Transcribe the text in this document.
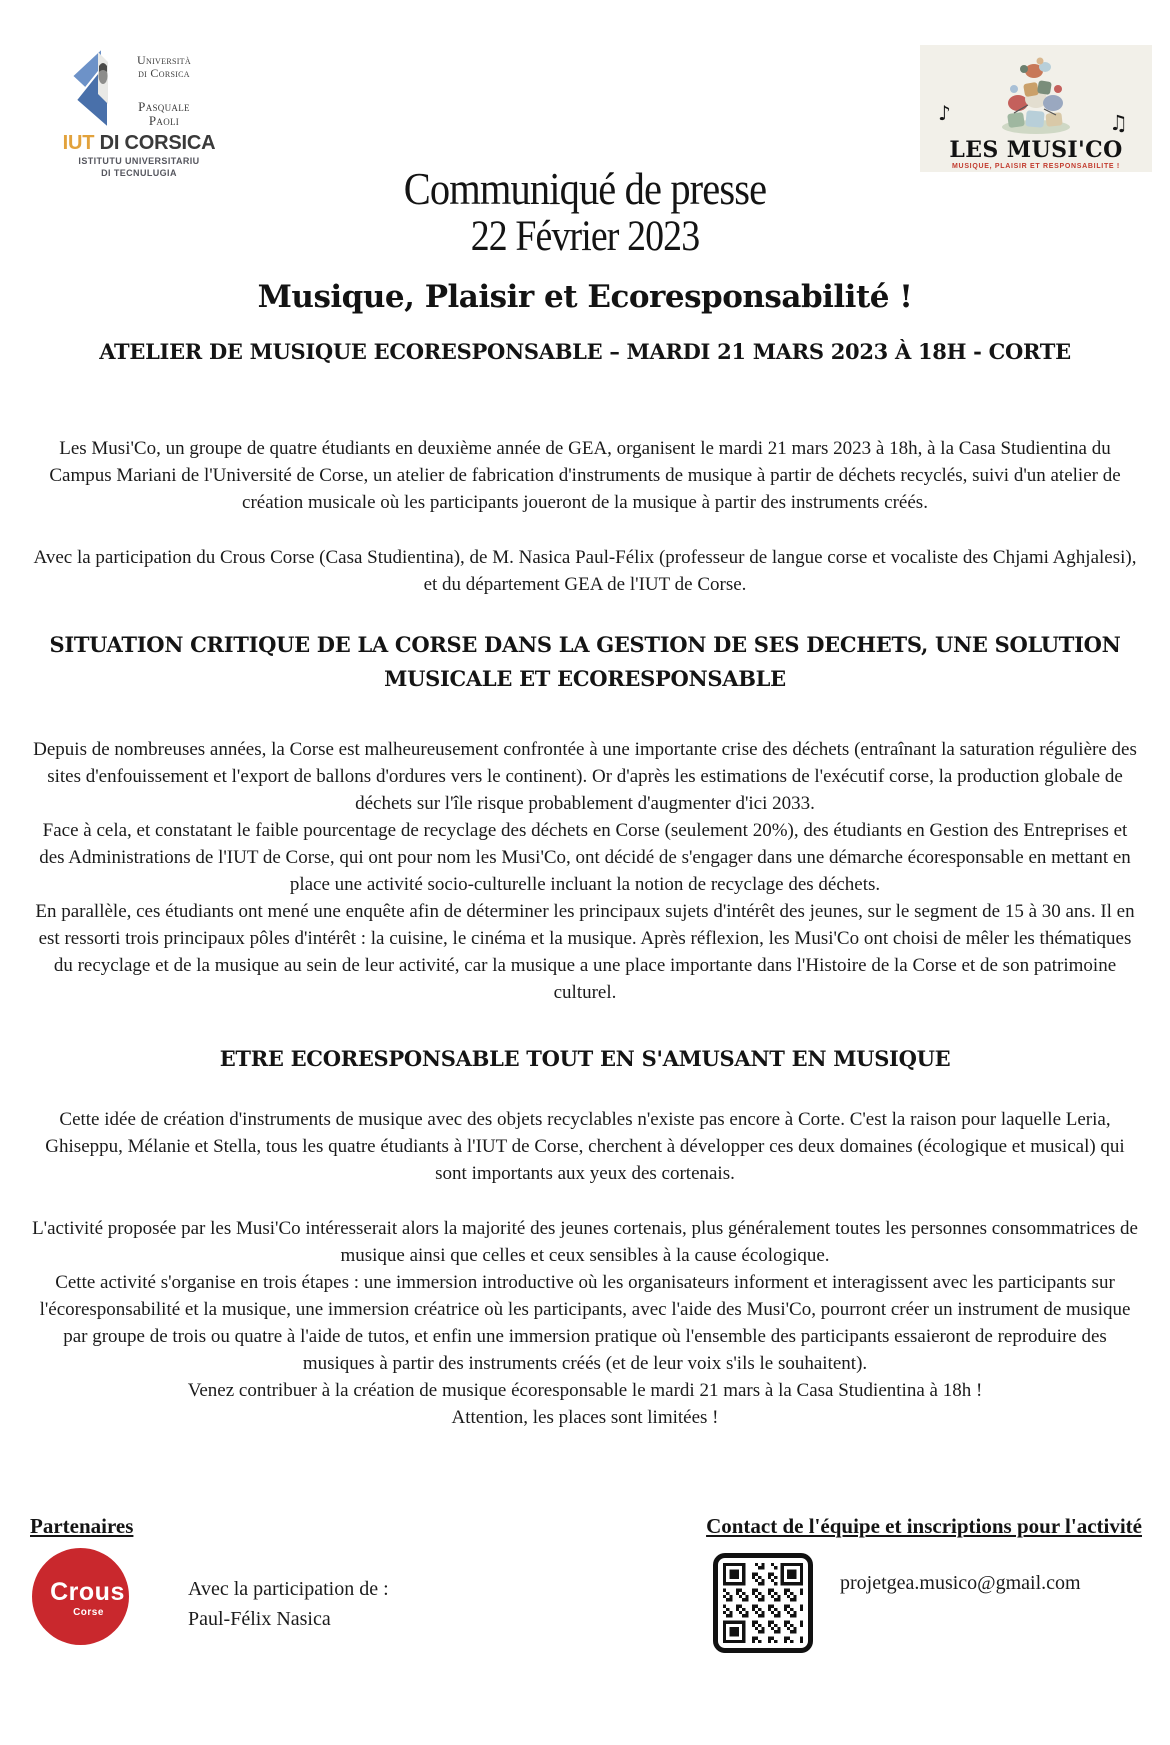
Università
di Corsica
Pasquale
Paoli
IUT DI CORSICA
ISTITUTU UNIVERSITARIU
DI TECNULUGIA
♪	♫
LES MUSI'CO
MUSIQUE, PLAISIR ET RESPONSABILITE !
Communiqué de presse
22 Février 2023
Musique, Plaisir et Ecoresponsabilité !
ATELIER DE MUSIQUE ECORESPONSABLE – MARDI 21 MARS 2023 À 18H - CORTE

Les Musi'Co, un groupe de quatre étudiants en deuxième année de GEA, organisent le mardi 21 mars 2023 à 18h, à la Casa Studientina du Campus Mariani de l'Université de Corse, un atelier de fabrication d'instruments de musique à partir de déchets recyclés, suivi d'un atelier de création musicale où les participants joueront de la musique à partir des instruments créés.

Avec la participation du Crous Corse (Casa Studientina), de M. Nasica Paul-Félix (professeur de langue corse et vocaliste des Chjami Aghjalesi), et du département GEA de l'IUT de Corse.

SITUATION CRITIQUE DE LA CORSE DANS LA GESTION DE SES DECHETS, UNE SOLUTION MUSICALE ET ECORESPONSABLE

Depuis de nombreuses années, la Corse est malheureusement confrontée à une importante crise des déchets (entraînant la saturation régulière des sites d'enfouissement et l'export de ballons d'ordures vers le continent). Or d'après les estimations de l'exécutif corse, la production globale de déchets sur l'île risque probablement d'augmenter d'ici 2033.

Face à cela, et constatant le faible pourcentage de recyclage des déchets en Corse (seulement 20%), des étudiants en Gestion des Entreprises et des Administrations de l'IUT de Corse, qui ont pour nom les Musi'Co, ont décidé de s'engager dans une démarche écoresponsable en mettant en place une activité socio-culturelle incluant la notion de recyclage des déchets.

En parallèle, ces étudiants ont mené une enquête afin de déterminer les principaux sujets d'intérêt des jeunes, sur le segment de 15 à 30 ans. Il en est ressorti trois principaux pôles d'intérêt : la cuisine, le cinéma et la musique. Après réflexion, les Musi'Co ont choisi de mêler les thématiques du recyclage et de la musique au sein de leur activité, car la musique a une place importante dans l'Histoire de la Corse et de son patrimoine culturel.

ETRE ECORESPONSABLE TOUT EN S'AMUSANT EN MUSIQUE

Cette idée de création d'instruments de musique avec des objets recyclables n'existe pas encore à Corte. C'est la raison pour laquelle Leria, Ghiseppu, Mélanie et Stella, tous les quatre étudiants à l'IUT de Corse, cherchent à développer ces deux domaines (écologique et musical) qui sont importants aux yeux des cortenais.

L'activité proposée par les Musi'Co intéresserait alors la majorité des jeunes cortenais, plus généralement toutes les personnes consommatrices de musique ainsi que celles et ceux sensibles à la cause écologique.

Cette activité s'organise en trois étapes : une immersion introductive où les organisateurs informent et interagissent avec les participants sur l'écoresponsabilité et la musique, une immersion créatrice où les participants, avec l'aide des Musi'Co, pourront créer un instrument de musique par groupe de trois ou quatre à l'aide de tutos, et enfin une immersion pratique où l'ensemble des participants essaieront de reproduire des musiques à partir des instruments créés (et de leur voix s'ils le souhaitent).

Venez contribuer à la création de musique écoresponsable le mardi 21 mars à la Casa Studientina à 18h !

Attention, les places sont limitées !

Partenaires	Contact de l'équipe et inscriptions pour l'activité
Crous
Corse
Avec la participation de :
Paul-Félix Nasica
projetgea.musico@gmail.com
